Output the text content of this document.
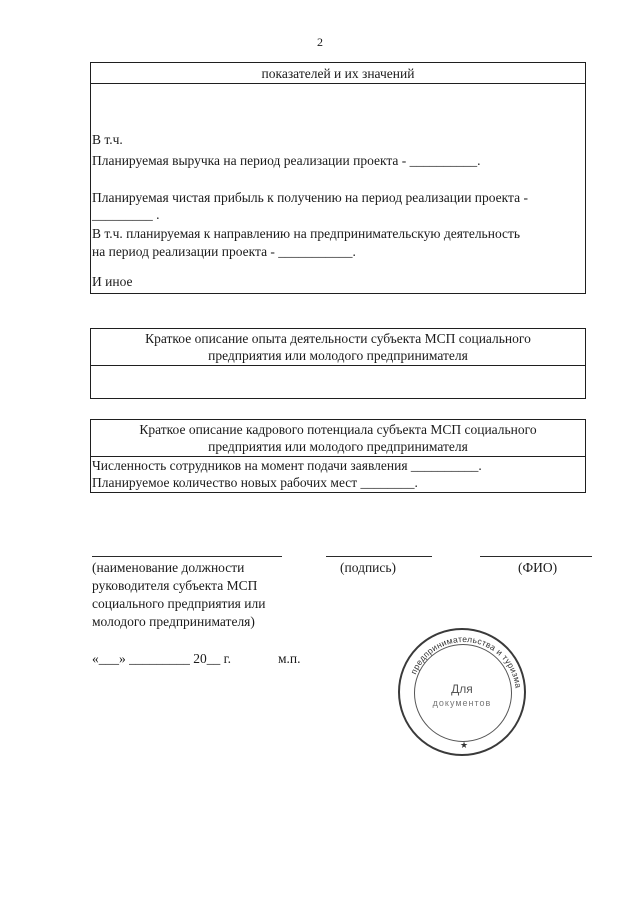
2
показателей и их значений
В т.ч.
Планируемая выручка на период реализации проекта - __________.
Планируемая чистая прибыль к получению на период реализации проекта -
_________ .
В т.ч. планируемая к направлению на предпринимательскую деятельность
на период реализации проекта - ___________.
И иное
Краткое описание опыта деятельности субъекта МСП социального
предприятия или молодого предпринимателя
Краткое описание кадрового потенциала субъекта МСП социального
предприятия или молодого предпринимателя
Численность сотрудников на момент подачи заявления __________.
Планируемое количество новых рабочих мест ________.
(наименование должности
руководителя субъекта МСП
социального предприятия или
молодого предпринимателя)
(подпись)	(ФИО)
«___» _________ 20__ г.	м.п.
предпринимательства и туризма
★
Для
документов
